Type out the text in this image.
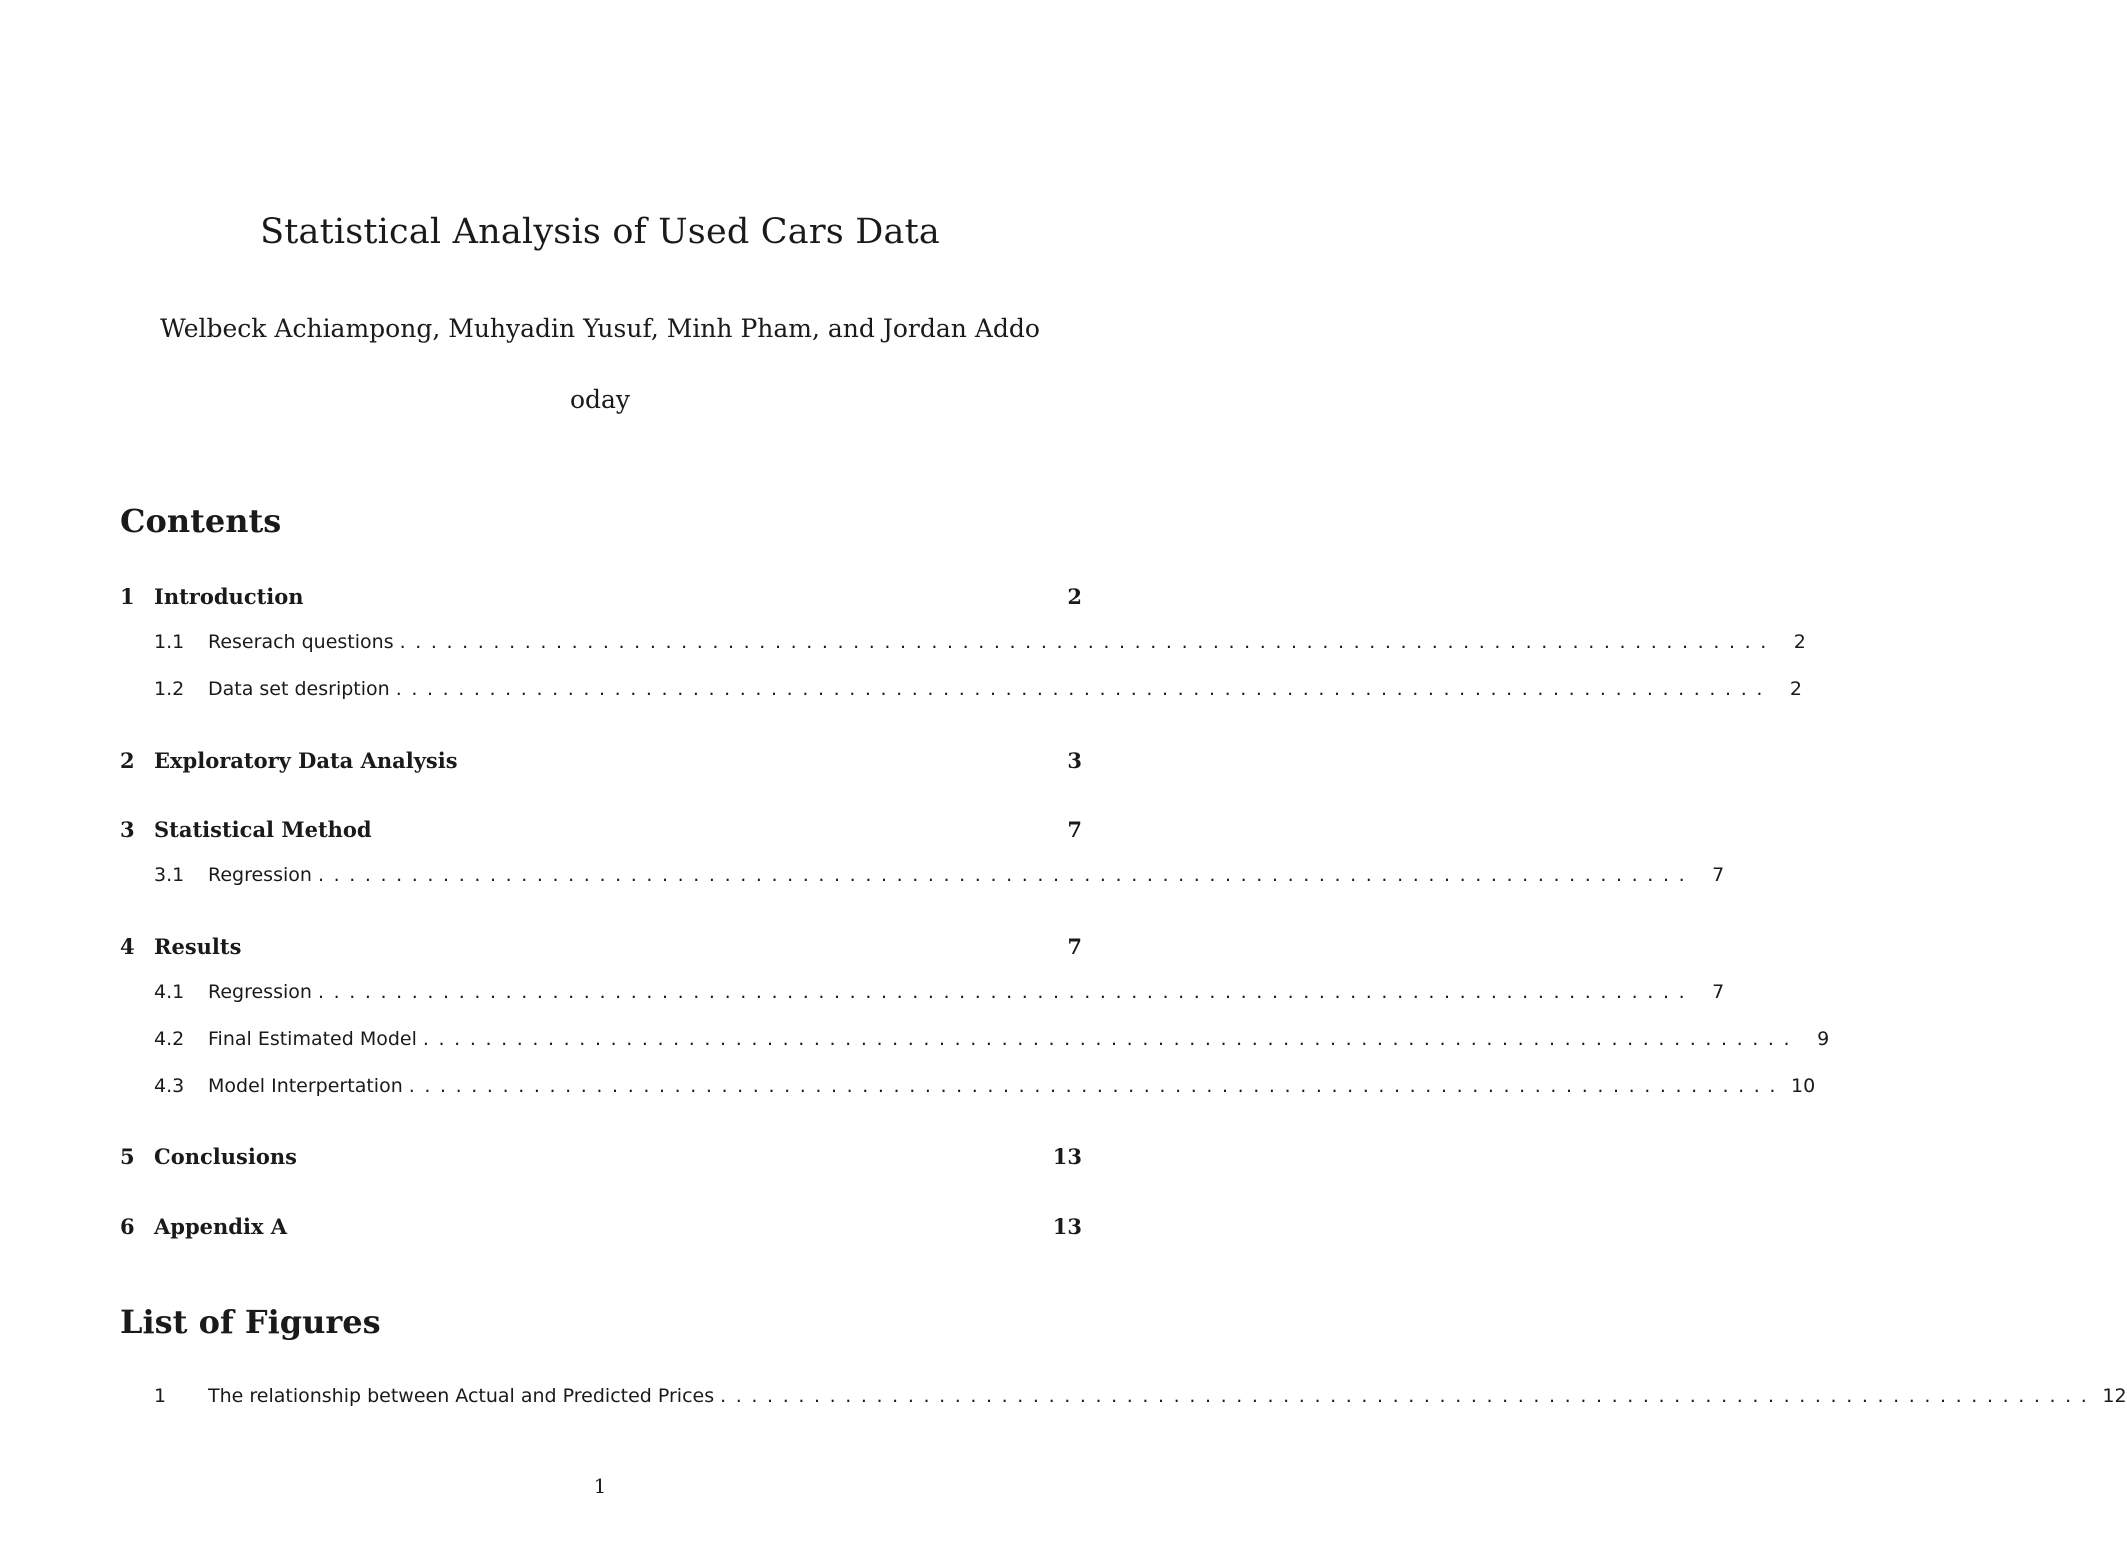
Statistical Analysis of Used Cars Data
Welbeck Achiampong, Muhyadin Yusuf, Minh Pham, and Jordan Addo
oday
Contents
1 Introduction	2
1.1	Reserach questions ........................................................................................ 2
1.2	Data set desription ........................................................................................ 2
2 Exploratory Data Analysis	3
3 Statistical Method	7
3.1	Regression ........................................................................................ 7
4 Results	7
4.1	Regression ........................................................................................ 7
4.2	Final Estimated Model ........................................................................................ 9
4.3	Model Interpertation ........................................................................................ 10
5 Conclusions	13
6 Appendix A	13
List of Figures
1	The relationship between Actual and Predicted Prices ........................................................................................ 12
1
